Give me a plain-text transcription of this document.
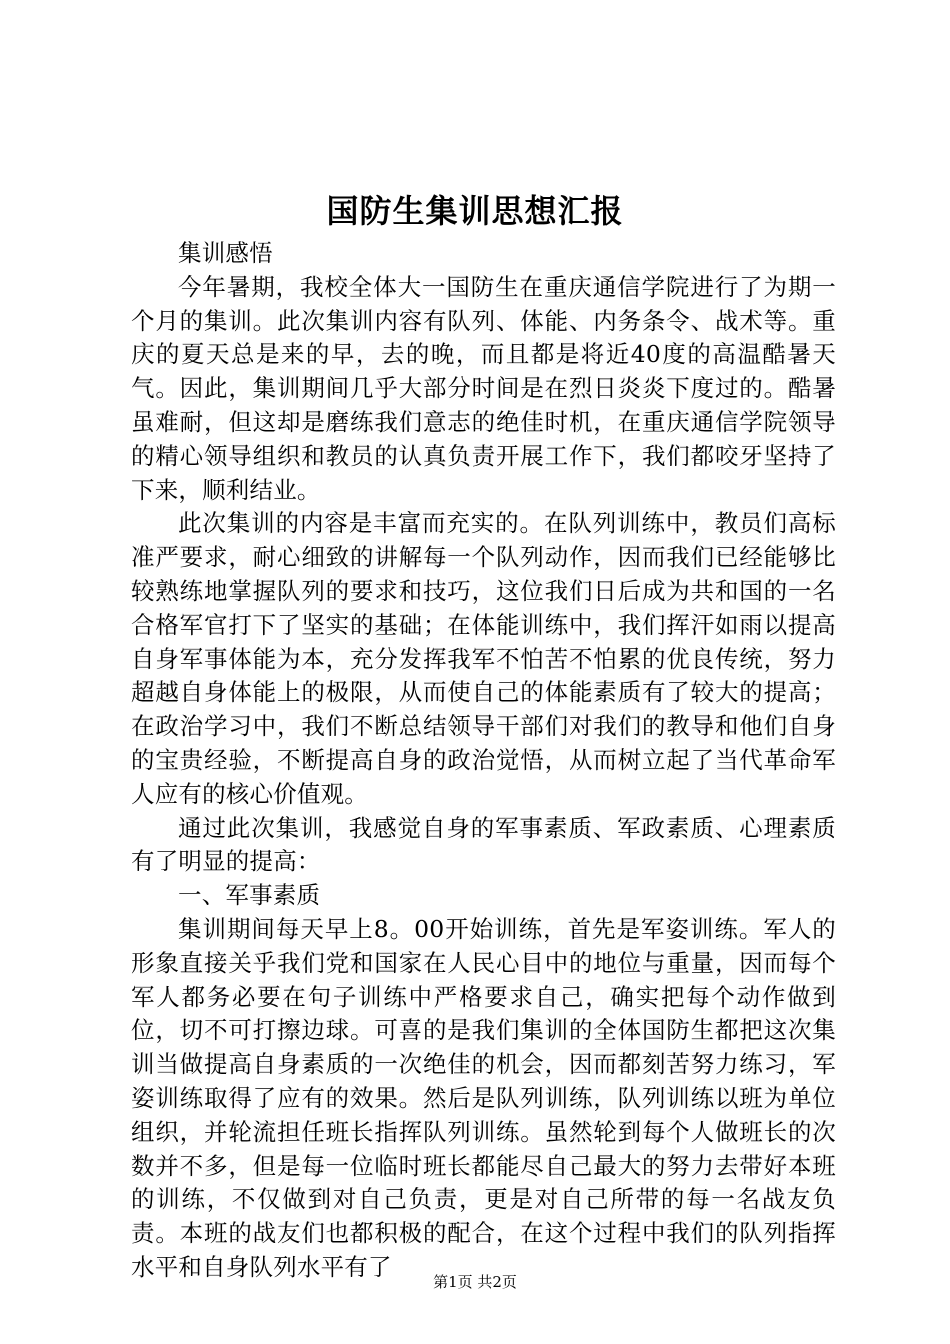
国防生集训思想汇报

集训感悟

今年暑期，我校全体大一国防生在重庆通信学院进行了为期一个月的集训。此次集训内容有队列、体能、内务条令、战术等。重庆的夏天总是来的早，去的晚，而且都是将近40度的高温酷暑天气。因此，集训期间几乎大部分时间是在烈日炎炎下度过的。酷暑虽难耐，但这却是磨练我们意志的绝佳时机，在重庆通信学院领导的精心领导组织和教员的认真负责开展工作下，我们都咬牙坚持了下来，顺利结业。

此次集训的内容是丰富而充实的。在队列训练中，教员们高标准严要求，耐心细致的讲解每一个队列动作，因而我们已经能够比较熟练地掌握队列的要求和技巧，这位我们日后成为共和国的一名合格军官打下了坚实的基础；在体能训练中，我们挥汗如雨以提高自身军事体能为本，充分发挥我军不怕苦不怕累的优良传统，努力超越自身体能上的极限，从而使自己的体能素质有了较大的提高；在政治学习中，我们不断总结领导干部们对我们的教导和他们自身的宝贵经验，不断提高自身的政治觉悟，从而树立起了当代革命军人应有的核心价值观。

通过此次集训，我感觉自身的军事素质、军政素质、心理素质有了明显的提高：

一、军事素质

集训期间每天早上8。00开始训练，首先是军姿训练。军人的形象直接关乎我们党和国家在人民心目中的地位与重量，因而每个军人都务必要在句子训练中严格要求自己，确实把每个动作做到位，切不可打擦边球。可喜的是我们集训的全体国防生都把这次集训当做提高自身素质的一次绝佳的机会，因而都刻苦努力练习，军姿训练取得了应有的效果。然后是队列训练，队列训练以班为单位组织，并轮流担任班长指挥队列训练。虽然轮到每个人做班长的次数并不多，但是每一位临时班长都能尽自己最大的努力去带好本班的训练，不仅做到对自己负责，更是对自己所带的每一名战友负责。本班的战友们也都积极的配合，在这个过程中我们的队列指挥水平和自身队列水平有了

第1页 共2页
